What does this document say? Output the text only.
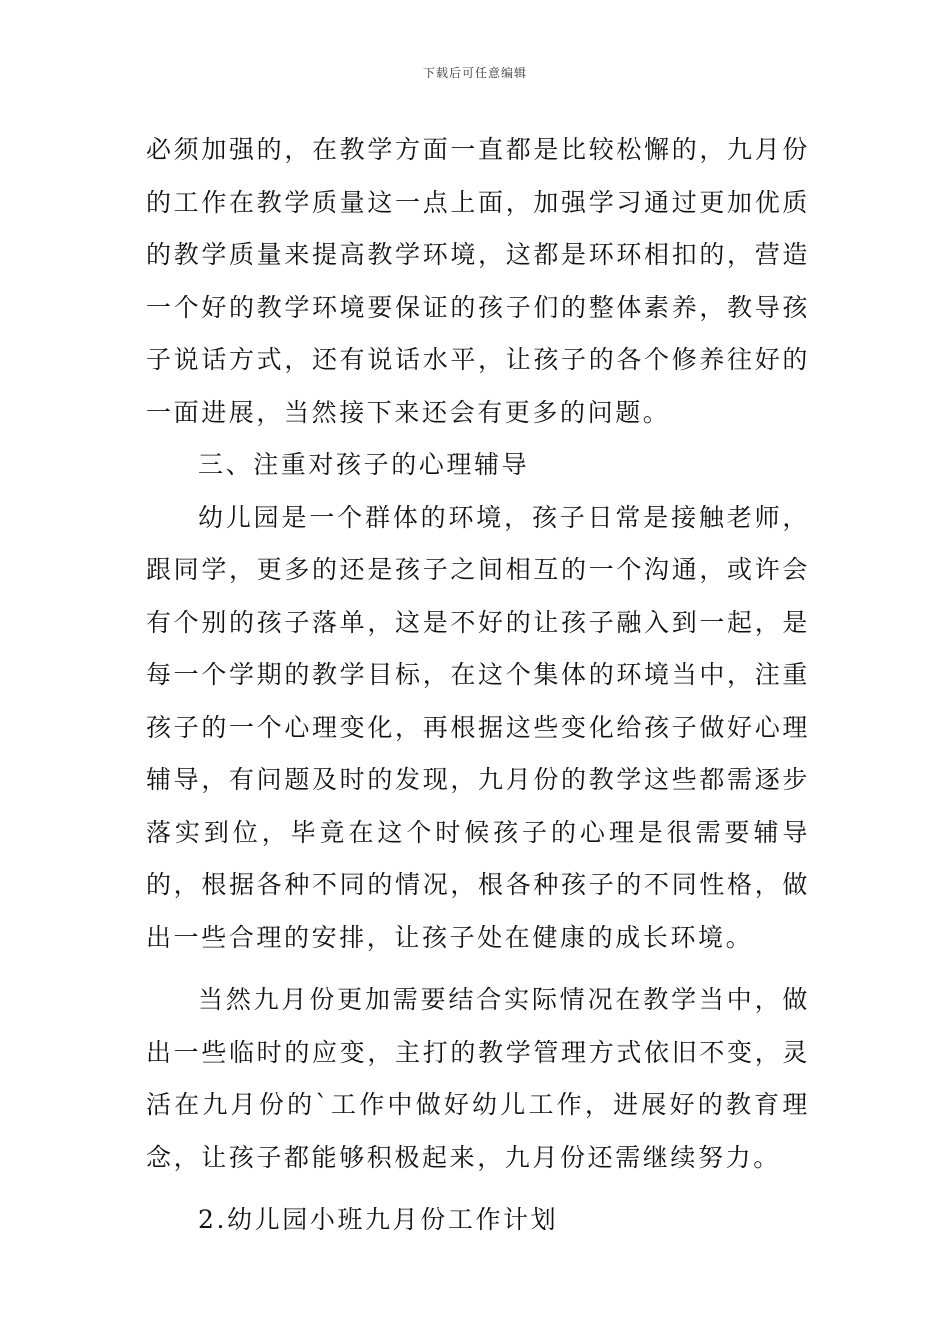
下载后可任意编辑

必须加强的，在教学方面一直都是比较松懈的，九月份的工作在教学质量这一点上面，加强学习通过更加优质的教学质量来提高教学环境，这都是环环相扣的，营造一个好的教学环境要保证的孩子们的整体素养，教导孩子说话方式，还有说话水平，让孩子的各个修养往好的一面进展，当然接下来还会有更多的问题。

三、注重对孩子的心理辅导

幼儿园是一个群体的环境，孩子日常是接触老师，跟同学，更多的还是孩子之间相互的一个沟通，或许会有个别的孩子落单，这是不好的让孩子融入到一起，是每一个学期的教学目标，在这个集体的环境当中，注重孩子的一个心理变化，再根据这些变化给孩子做好心理辅导，有问题及时的发现，九月份的教学这些都需逐步落实到位，毕竟在这个时候孩子的心理是很需要辅导的，根据各种不同的情况，根各种孩子的不同性格，做出一些合理的安排，让孩子处在健康的成长环境。

当然九月份更加需要结合实际情况在教学当中，做出一些临时的应变，主打的教学管理方式依旧不变，灵活在九月份的`工作中做好幼儿工作，进展好的教育理念，让孩子都能够积极起来，九月份还需继续努力。

2.幼儿园小班九月份工作计划
